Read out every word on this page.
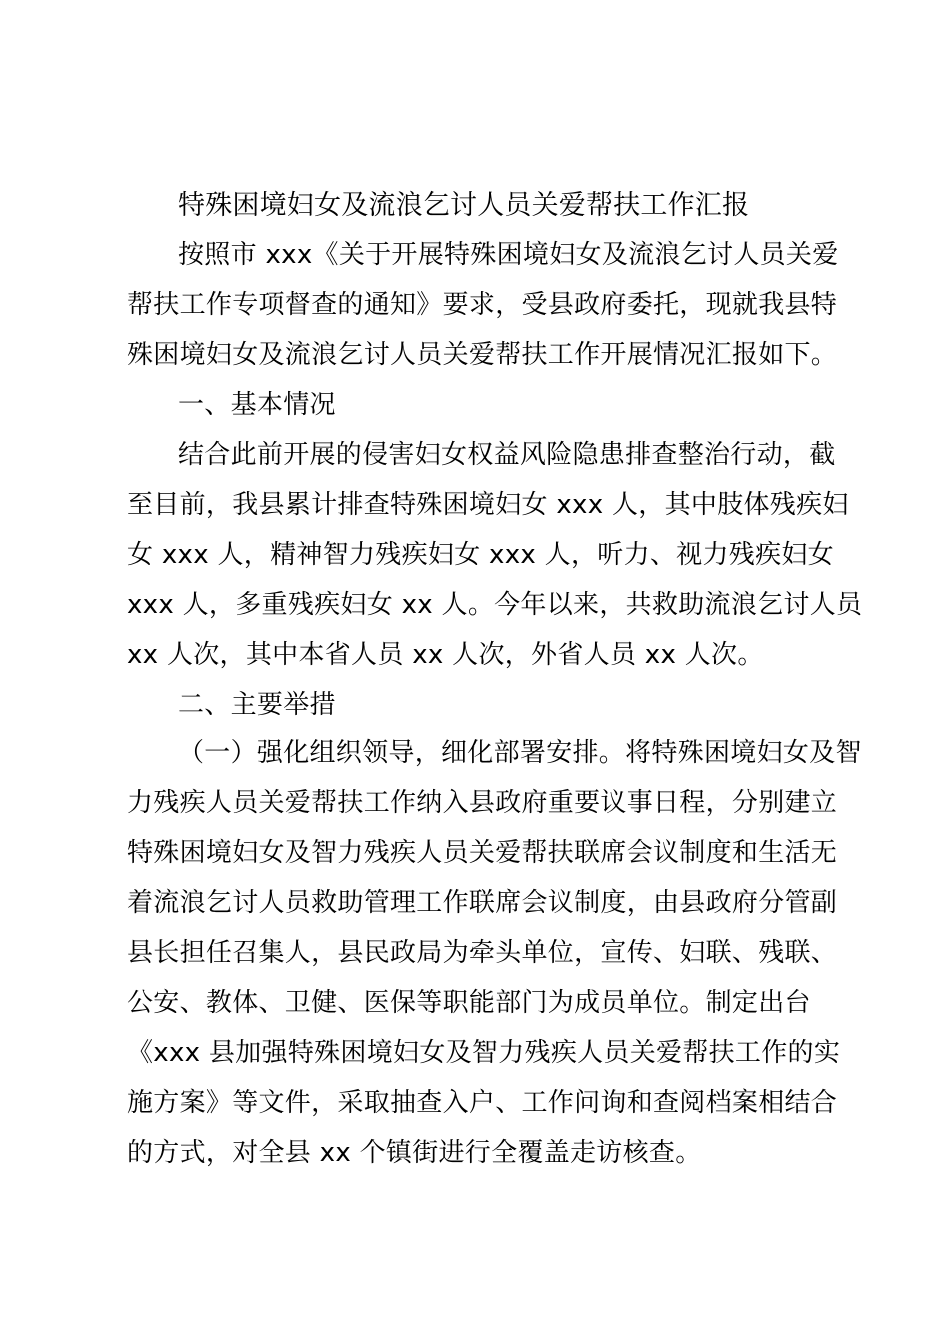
特殊困境妇女及流浪乞讨人员关爱帮扶工作汇报
按照市 xxx《关于开展特殊困境妇女及流浪乞讨人员关爱
帮扶工作专项督查的通知》要求，受县政府委托，现就我县特
殊困境妇女及流浪乞讨人员关爱帮扶工作开展情况汇报如下。
一、基本情况
结合此前开展的侵害妇女权益风险隐患排查整治行动，截
至目前，我县累计排查特殊困境妇女 xxx 人，其中肢体残疾妇
女 xxx 人，精神智力残疾妇女 xxx 人，听力、视力残疾妇女
xxx 人，多重残疾妇女 xx 人。今年以来，共救助流浪乞讨人员
xx 人次，其中本省人员 xx 人次，外省人员 xx 人次。
二、主要举措
（一）强化组织领导，细化部署安排。将特殊困境妇女及智
力残疾人员关爱帮扶工作纳入县政府重要议事日程，分别建立
特殊困境妇女及智力残疾人员关爱帮扶联席会议制度和生活无
着流浪乞讨人员救助管理工作联席会议制度，由县政府分管副
县长担任召集人，县民政局为牵头单位，宣传、妇联、残联、
公安、教体、卫健、医保等职能部门为成员单位。制定出台
《xxx 县加强特殊困境妇女及智力残疾人员关爱帮扶工作的实
施方案》等文件，采取抽查入户、工作问询和查阅档案相结合
的方式，对全县 xx 个镇街进行全覆盖走访核查。
